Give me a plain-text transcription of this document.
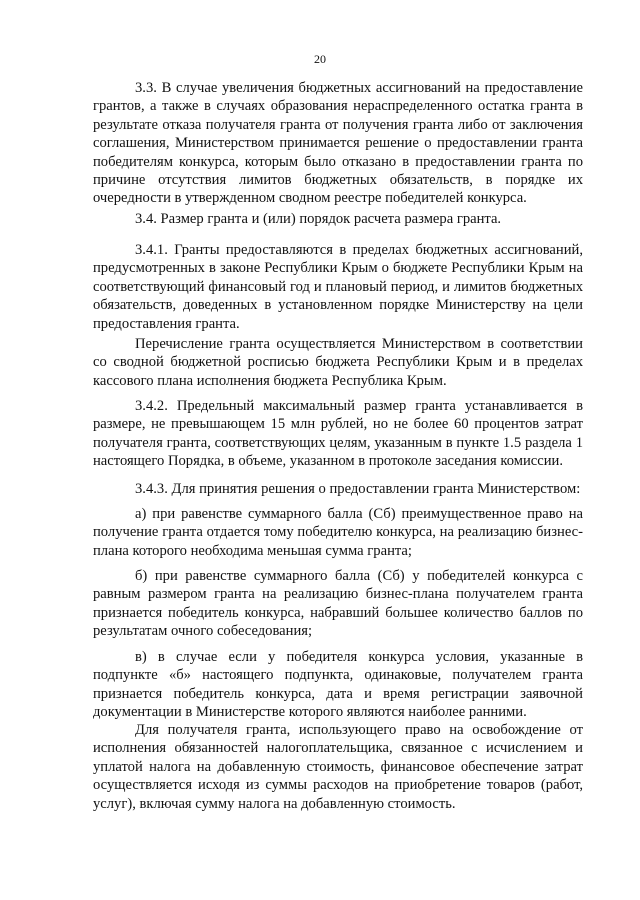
20

3.3. В случае увеличения бюджетных ассигнований на предоставление грантов, а также в случаях образования нераспределенного остатка гранта в результате отказа получателя гранта от получения гранта либо от заключения соглашения, Министерством принимается решение о предоставлении гранта победителям конкурса, которым было отказано в предоставлении гранта по причине отсутствия лимитов бюджетных обязательств, в порядке их очередности в утвержденном сводном реестре победителей конкурса.

3.4. Размер гранта и (или) порядок расчета размера гранта.

3.4.1. Гранты предоставляются в пределах бюджетных ассигнований, предусмотренных в законе Республики Крым о бюджете Республики Крым на соответствующий финансовый год и плановый период, и лимитов бюджетных обязательств, доведенных в установленном порядке Министерству на цели предоставления гранта.

Перечисление гранта осуществляется Министерством в соответствии со сводной бюджетной росписью бюджета Республики Крым и в пределах кассового плана исполнения бюджета Республика Крым.

3.4.2. Предельный максимальный размер гранта устанавливается в размере, не превышающем 15 млн рублей, но не более 60 процентов затрат получателя гранта, соответствующих целям, указанным в пункте 1.5 раздела 1 настоящего Порядка, в объеме, указанном в протоколе заседания комиссии.

3.4.3. Для принятия решения о предоставлении гранта Министерством:

а) при равенстве суммарного балла (Сб) преимущественное право на получение гранта отдается тому победителю конкурса, на реализацию бизнес-плана которого необходима меньшая сумма гранта;

б) при равенстве суммарного балла (Сб) у победителей конкурса с равным размером гранта на реализацию бизнес-плана получателем гранта признается победитель конкурса, набравший большее количество баллов по результатам очного собеседования;

в) в случае если у победителя конкурса условия, указанные в подпункте «б» настоящего подпункта, одинаковые, получателем гранта признается победитель конкурса, дата и время регистрации заявочной документации в Министерстве которого являются наиболее ранними.

Для получателя гранта, использующего право на освобождение от исполнения обязанностей налогоплательщика, связанное с исчислением и уплатой налога на добавленную стоимость, финансовое обеспечение затрат осуществляется исходя из суммы расходов на приобретение товаров (работ, услуг), включая сумму налога на добавленную стоимость.
